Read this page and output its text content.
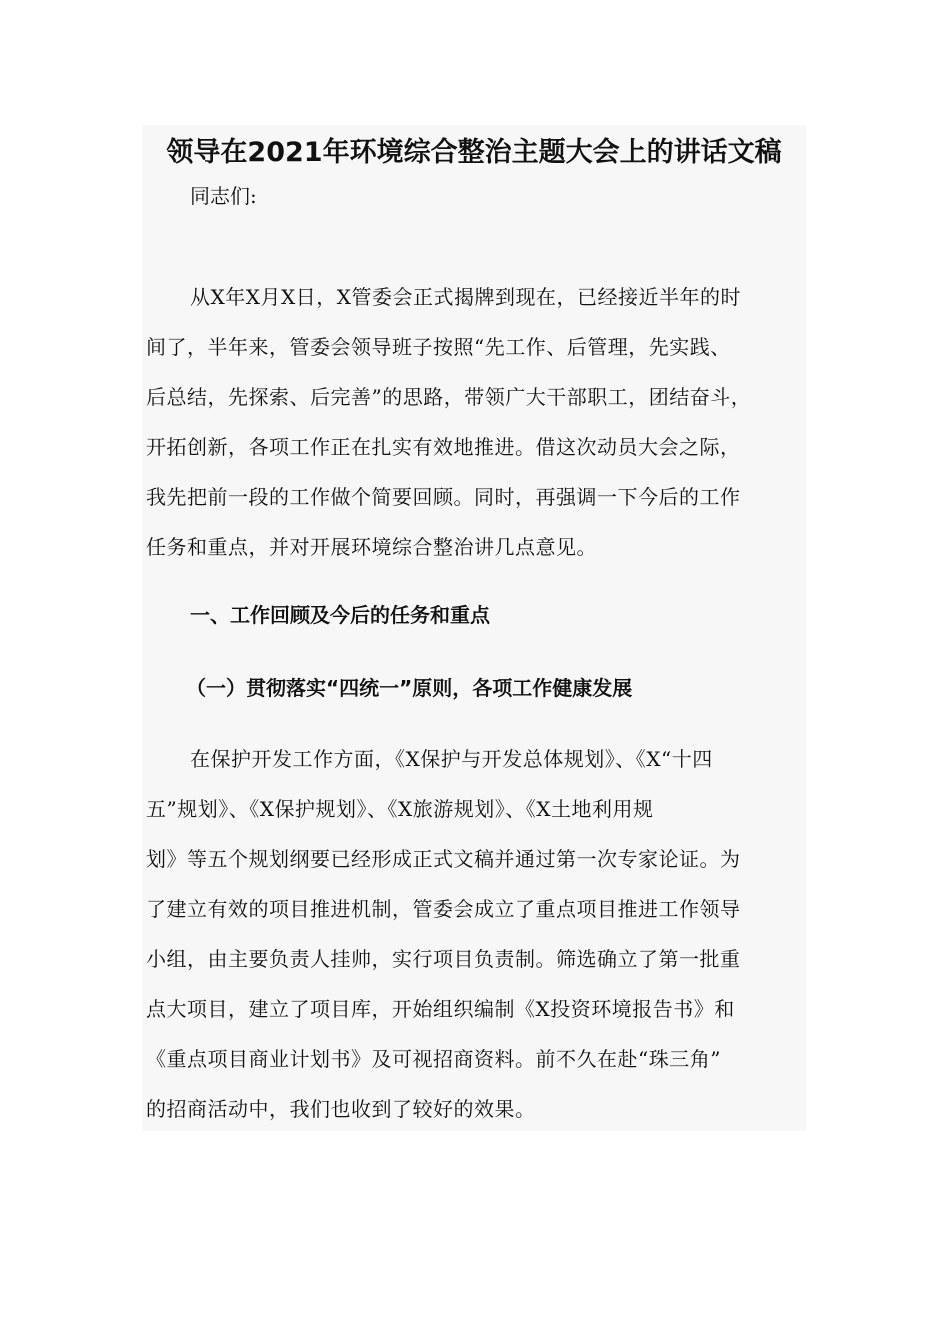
领导在2021年环境综合整治主题大会上的讲话文稿
同志们:
从X年X月X日，X管委会正式揭牌到现在，已经接近半年的时
间了，半年来，管委会领导班子按照“先工作、后管理，先实践、
后总结，先探索、后完善”的思路，带领广大干部职工，团结奋斗，
开拓创新，各项工作正在扎实有效地推进。借这次动员大会之际，
我先把前一段的工作做个简要回顾。同时，再强调一下今后的工作
任务和重点，并对开展环境综合整治讲几点意见。
一、工作回顾及今后的任务和重点
（一）贯彻落实“四统一”原则，各项工作健康发展
在保护开发工作方面，《X保护与开发总体规划》、《X“十四
五”规划》、《X保护规划》、《X旅游规划》、《X土地利用规
划》等五个规划纲要已经形成正式文稿并通过第一次专家论证。为
了建立有效的项目推进机制，管委会成立了重点项目推进工作领导
小组，由主要负责人挂帅，实行项目负责制。筛选确立了第一批重
点大项目，建立了项目库，开始组织编制《X投资环境报告书》和
《重点项目商业计划书》及可视招商资料。前不久在赴“珠三角”
的招商活动中，我们也收到了较好的效果。
